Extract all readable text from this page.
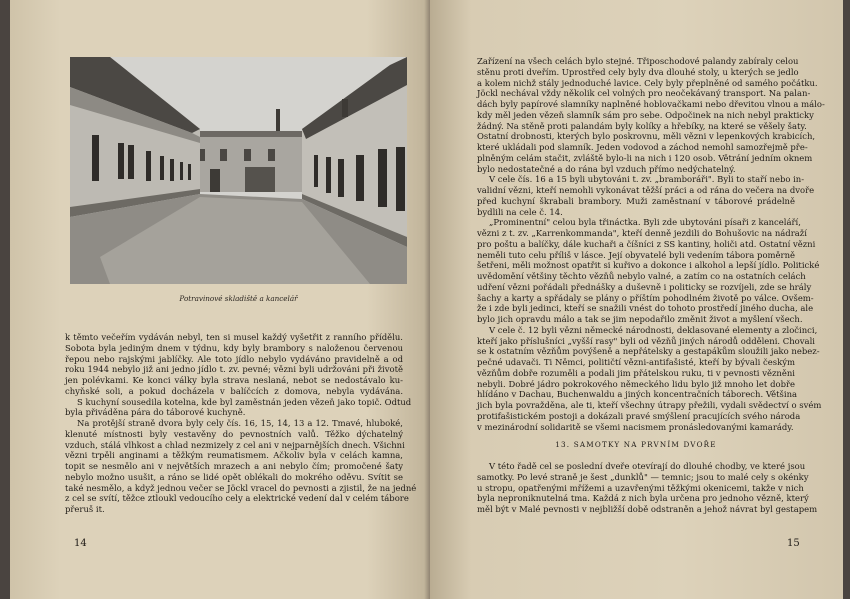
Potravinové skladiště a kancelář
k těmto večeřím vydáván nebyl, ten si musel každý vyšetřit z ranního přídělu.
Sobota byla jediným dnem v týdnu, kdy byly brambory s naloženou červenou
řepou nebo rajskými jablíčky. Ale toto jídlo nebylo vydáváno pravidelně a od
roku 1944 nebylo již ani jedno jídlo t. zv. pevné; vězni byli udržováni při životě
jen polévkami. Ke konci války byla strava neslaná, nebot se nedostávalo ku-
chyňské soli, a pokud docházela v balíčcích z domova, nebyla vydávána.
S kuchyní sousedila kotelna, kde byl zaměstnán jeden vězeň jako topič. Odtud
byla přiváděna pára do táborové kuchyně.
Na protější straně dvora byly cely čís. 16, 15, 14, 13 a 12. Tmavé, hluboké,
klenuté místnosti byly vestavěny do pevnostních valů. Těžko dýchatelný
vzduch, stálá vlhkost a chlad nezmizely z cel ani v nejparnějších dnech. Všichni
vězni trpěli anginami a těžkým reumatismem. Ačkoliv byla v celách kamna,
topit se nesmělo ani v největších mrazech a ani nebylo čím; promočené šaty
nebylo možno usušit, a ráno se lidé opět oblékali do mokrého oděvu. Svítit se
také nesmělo, a když jednou večer se Jöckl vracel do pevnosti a zjistil, že na jedné
z cel se svítí, těžce ztloukl vedoucího cely a elektrické vedení dal v celém tábore
přeruš it.
14
Zařízení na všech celách bylo stejné. Třiposchodové palandy zabíraly celou
stěnu proti dveřím. Uprostřed cely byly dva dlouhé stoly, u kterých se jedlo
a kolem nichž stály jednoduché lavice. Cely byly přeplněné od samého počátku.
Jöckl nechával vždy několik cel volných pro neočekávaný transport. Na palan-
dách byly papírové slamníky naplněné hoblovačkami nebo dřevitou vlnou a málo-
kdy měl jeden vězeň slamník sám pro sebe. Odpočinek na nich nebyl prakticky
žádný. Na stěně proti palandám byly kolíky a hřebíky, na které se věšely šaty.
Ostatní drobnosti, kterých bylo poskrovnu, měli vězni v lepenkových krabicích,
které ukládali pod slamník. Jeden vodovod a záchod nemohl samozřejmě pře-
plněným celám stačit, zvláště bylo-li na nich i 120 osob. Větrání jedním oknem
bylo nedostatečné a do rána byl vzduch přímo nedýchatelný.
V cele čís. 16 a 15 byli ubytováni t. zv. „bramboráři". Byli to staří nebo in-
validní vězni, kteří nemohli vykonávat těžší práci a od rána do večera na dvoře
před kuchyní škrabali brambory. Muži zaměstnaní v táborové prádelně
bydlili na cele č. 14.
„Prominentní" celou byla třináctka. Byli zde ubytováni písaři z kanceláří,
vězni z t. zv. „Karrenkommanda", kteří denně jezdili do Bohušovic na nádraží
pro poštu a balíčky, dále kuchaři a číšníci z SS kantiny, holiči atd. Ostatní vězni
neměli tuto celu příliš v lásce. Její obyvatelé byli vedením tábora poměrně
šetřeni, měli možnost opatřit si kuřivo a dokonce i alkohol a lepší jídlo. Politické
uvědomění většiny těchto vězňů nebylo valné, a zatím co na ostatních celách
udření vězni pořádali přednášky a duševně i politicky se rozvíjeli, zde se hrály
šachy a karty a spřádaly se plány o příštím pohodlném životě po válce. Ovšem-
že i zde byli jedinci, kteří se snažili vnést do tohoto prostředí jiného ducha, ale
bylo jich opravdu málo a tak se jim nepodařilo změnit život a myšlení všech.
V cele č. 12 byli vězni německé národnosti, deklasované elementy a zločinci,
kteří jako příslušníci „vyšší rasy" byli od vězňů jiných národů odděleni. Chovali
se k ostatním vězňům povýšeně a nepřátelsky a gestapákům sloužili jako nebez-
pečné udavači. Ti Němci, političtí vězni-antifašisté, kteří by bývali českým
vězňům dobře rozuměli a podali jim přátelskou ruku, ti v pevnosti vězněni
nebyli. Dobré jádro pokrokového německého lidu bylo již mnoho let dobře
hlídáno v Dachau, Buchenwaldu a jiných koncentračních táborech. Většina
jich byla povražděna, ale ti, kteří všechny útrapy přežili, vydali svědectví o svém
protifašistickém postoji a dokázali pravé smýšlení pracujících svého národa
v mezinárodní solidaritě se všemi nacismem pronásledovanými kamarády.
13. SAMOTKY NA PRVNÍM DVOŘE
V této řadě cel se poslední dveře otevírají do dlouhé chodby, ve které jsou
samotky. Po levé straně je šest „dunklů" — temnic; jsou to malé cely s okénky
u stropu, opatřenými mřížemi a uzavřenými těžkými okenicemi, takže v nich
byla neproniknutelná tma. Každá z nich byla určena pro jednoho vězně, který
měl být v Malé pevnosti v nejbližší době odstraněn a jehož návrat byl gestapem
15
